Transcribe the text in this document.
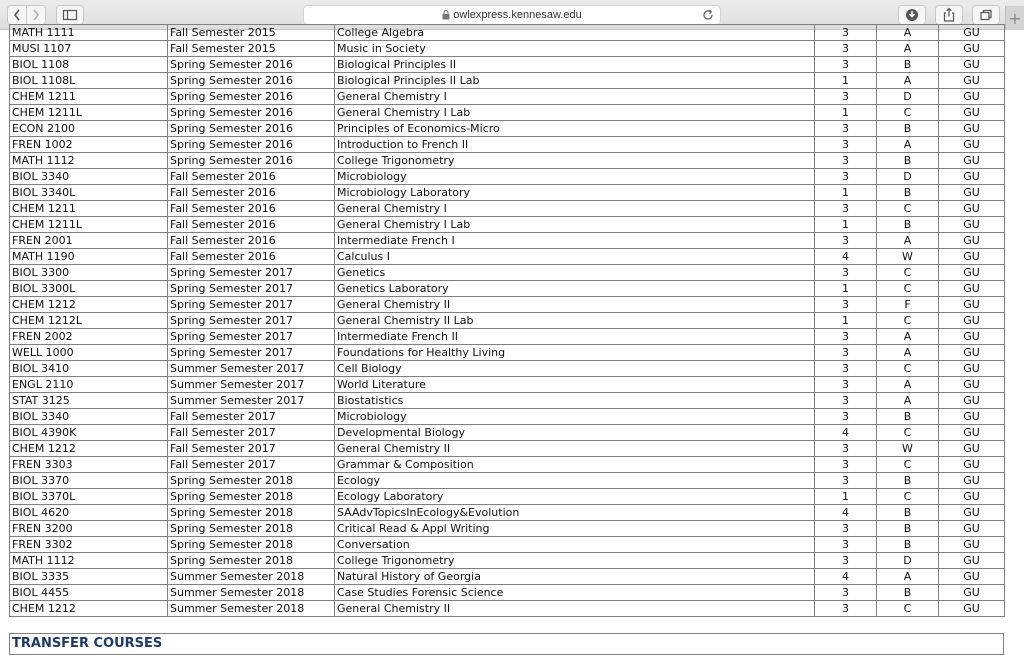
owlexpress.kennesaw.edu	+
MATH 1111	Fall Semester 2015	College Algebra	3	A	GU
MUSI 1107	Fall Semester 2015	Music in Society	3	A	GU
BIOL 1108	Spring Semester 2016	Biological Principles II	3	B	GU
BIOL 1108L	Spring Semester 2016	Biological Principles II Lab	1	A	GU
CHEM 1211	Spring Semester 2016	General Chemistry I	3	D	GU
CHEM 1211L	Spring Semester 2016	General Chemistry I Lab	1	C	GU
ECON 2100	Spring Semester 2016	Principles of Economics-Micro	3	B	GU
FREN 1002	Spring Semester 2016	Introduction to French II	3	A	GU
MATH 1112	Spring Semester 2016	College Trigonometry	3	B	GU
BIOL 3340	Fall Semester 2016	Microbiology	3	D	GU
BIOL 3340L	Fall Semester 2016	Microbiology Laboratory	1	B	GU
CHEM 1211	Fall Semester 2016	General Chemistry I	3	C	GU
CHEM 1211L	Fall Semester 2016	General Chemistry I Lab	1	B	GU
FREN 2001	Fall Semester 2016	Intermediate French I	3	A	GU
MATH 1190	Fall Semester 2016	Calculus I	4	W	GU
BIOL 3300	Spring Semester 2017	Genetics	3	C	GU
BIOL 3300L	Spring Semester 2017	Genetics Laboratory	1	C	GU
CHEM 1212	Spring Semester 2017	General Chemistry II	3	F	GU
CHEM 1212L	Spring Semester 2017	General Chemistry II Lab	1	C	GU
FREN 2002	Spring Semester 2017	Intermediate French II	3	A	GU
WELL 1000	Spring Semester 2017	Foundations for Healthy Living	3	A	GU
BIOL 3410	Summer Semester 2017	Cell Biology	3	C	GU
ENGL 2110	Summer Semester 2017	World Literature	3	A	GU
STAT 3125	Summer Semester 2017	Biostatistics	3	A	GU
BIOL 3340	Fall Semester 2017	Microbiology	3	B	GU
BIOL 4390K	Fall Semester 2017	Developmental Biology	4	C	GU
CHEM 1212	Fall Semester 2017	General Chemistry II	3	W	GU
FREN 3303	Fall Semester 2017	Grammar & Composition	3	C	GU
BIOL 3370	Spring Semester 2018	Ecology	3	B	GU
BIOL 3370L	Spring Semester 2018	Ecology Laboratory	1	C	GU
BIOL 4620	Spring Semester 2018	SAAdvTopicsInEcology&Evolution	4	B	GU
FREN 3200	Spring Semester 2018	Critical Read & Appl Writing	3	B	GU
FREN 3302	Spring Semester 2018	Conversation	3	B	GU
MATH 1112	Spring Semester 2018	College Trigonometry	3	D	GU
BIOL 3335	Summer Semester 2018	Natural History of Georgia	4	A	GU
BIOL 4455	Summer Semester 2018	Case Studies Forensic Science	3	B	GU
CHEM 1212	Summer Semester 2018	General Chemistry II	3	C	GU
TRANSFER COURSES
